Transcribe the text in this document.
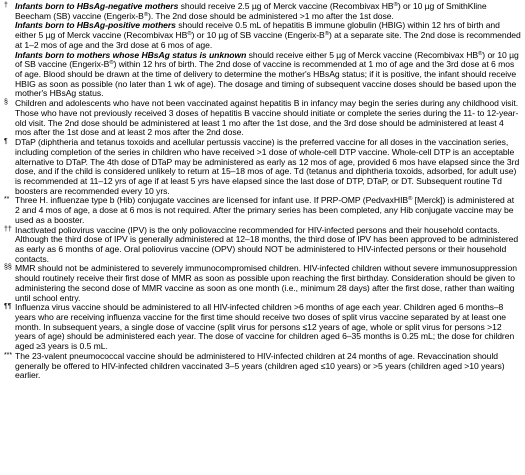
† Infants born to HBsAg-negative mothers should receive 2.5 µg of Merck vaccine (Recombivax HB®) or 10 µg of SmithKline Beecham (SB) vaccine (Engerix-B®). The 2nd dose should be administered >1 mo after the 1st dose.
Infants born to HBsAg-positive mothers should receive 0.5 mL of hepatitis B immune globulin (HBIG) within 12 hrs of birth and either 5 µg of Merck vaccine (Recombivax HB®) or 10 µg of SB vaccine (Engerix-B®) at a separate site. The 2nd dose is recommended at 1–2 mos of age and the 3rd dose at 6 mos of age.
Infants born to mothers whose HBsAg status is unknown should receive either 5 µg of Merck vaccine (Recombivax HB®) or 10 µg of SB vaccine (Engerix-B®) within 12 hrs of birth. The 2nd dose of vaccine is recommended at 1 mo of age and the 3rd dose at 6 mos of age. Blood should be drawn at the time of delivery to determine the mother's HBsAg status; if it is positive, the infant should receive HBIG as soon as possible (no later than 1 wk of age). The dosage and timing of subsequent vaccine doses should be based upon the mother's HBsAg status.
§ Children and adolescents who have not been vaccinated against hepatitis B in infancy may begin the series during any childhood visit. Those who have not previously received 3 doses of hepatitis B vaccine should initiate or complete the series during the 11- to 12-year-old visit. The 2nd dose should be administered at least 1 mo after the 1st dose, and the 3rd dose should be administered at least 4 mos after the 1st dose and at least 2 mos after the 2nd dose.
¶ DTaP (diphtheria and tetanus toxoids and acellular pertussis vaccine) is the preferred vaccine for all doses in the vaccination series, including completion of the series in children who have received >1 dose of whole-cell DTP vaccine. Whole-cell DTP is an acceptable alternative to DTaP. The 4th dose of DTaP may be administered as early as 12 mos of age, provided 6 mos have elapsed since the 3rd dose, and if the child is considered unlikely to return at 15–18 mos of age. Td (tetanus and diphtheria toxoids, adsorbed, for adult use) is recommended at 11–12 yrs of age if at least 5 yrs have elapsed since the last dose of DTP, DTaP, or DT. Subsequent routine Td boosters are recommended every 10 yrs.
** Three H. influenzae type b (Hib) conjugate vaccines are licensed for infant use. If PRP-OMP (PedvaxHIB® [Merck]) is administered at 2 and 4 mos of age, a dose at 6 mos is not required. After the primary series has been completed, any Hib conjugate vaccine may be used as a booster.
†† Inactivated poliovirus vaccine (IPV) is the only poliovaccine recommended for HIV-infected persons and their household contacts. Although the third dose of IPV is generally administered at 12–18 months, the third dose of IPV has been approved to be administered as early as 6 months of age. Oral poliovirus vaccine (OPV) should NOT be administered to HIV-infected persons or their household contacts.
§§ MMR should not be administered to severely immunocompromised children. HIV-infected children without severe immunosuppression should routinely receive their first dose of MMR as soon as possible upon reaching the first birthday. Consideration should be given to administering the second dose of MMR vaccine as soon as one month (i.e., minimum 28 days) after the first dose, rather than waiting until school entry.
¶¶ Influenza virus vaccine should be administered to all HIV-infected children >6 months of age each year. Children aged 6 months–8 years who are receiving influenza vaccine for the first time should receive two doses of split virus vaccine separated by at least one month. In subsequent years, a single dose of vaccine (split virus for persons ≤12 years of age, whole or split virus for persons >12 years of age) should be administered each year. The dose of vaccine for children aged 6–35 months is 0.25 mL; the dose for children aged ≥3 years is 0.5 mL.
*** The 23-valent pneumococcal vaccine should be administered to HIV-infected children at 24 months of age. Revaccination should generally be offered to HIV-infected children vaccinated 3–5 years (children aged ≤10 years) or >5 years (children aged >10 years) earlier.
